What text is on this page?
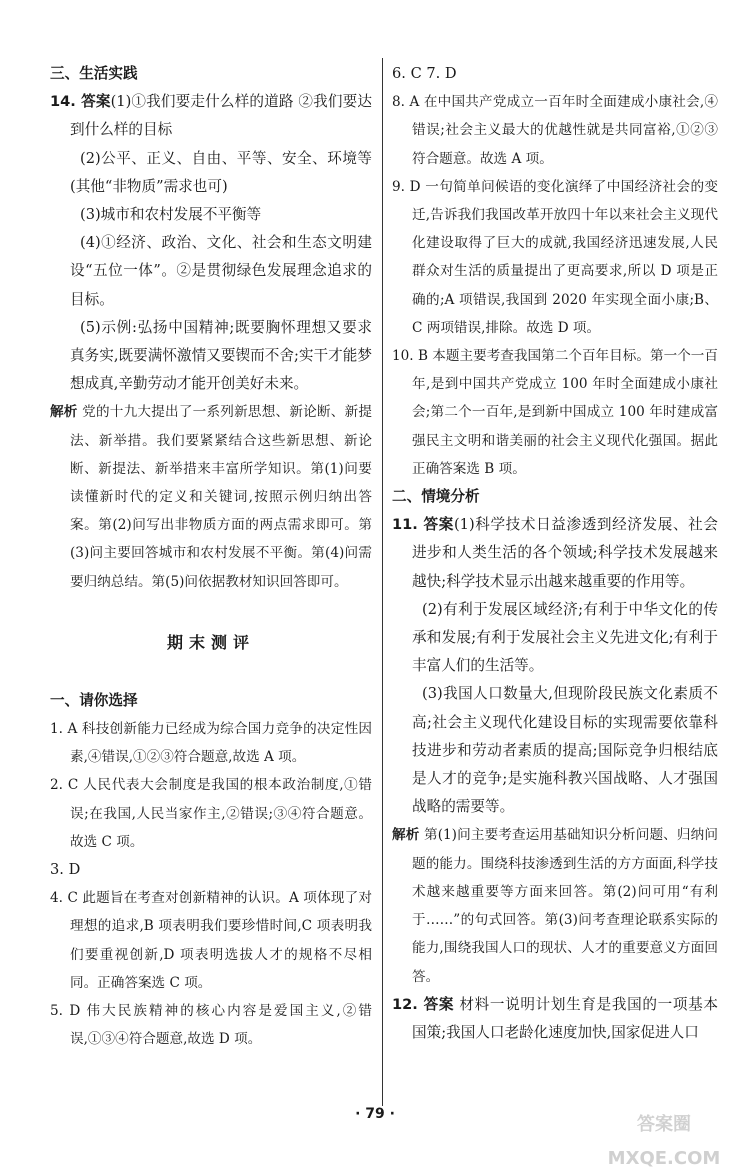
三、生活实践

14. 答案(1)①我们要走什么样的道路 ②我们要达到什么样的目标

(2)公平、正义、自由、平等、安全、环境等(其他“非物质”需求也可)

(3)城市和农村发展不平衡等

(4)①经济、政治、文化、社会和生态文明建设“五位一体”。②是贯彻绿色发展理念追求的目标。

(5)示例:弘扬中国精神;既要胸怀理想又要求真务实,既要满怀激情又要锲而不舍;实干才能梦想成真,辛勤劳动才能开创美好未来。

解析 党的十九大提出了一系列新思想、新论断、新提法、新举措。我们要紧紧结合这些新思想、新论断、新提法、新举措来丰富所学知识。第(1)问要读懂新时代的定义和关键词,按照示例归纳出答案。第(2)问写出非物质方面的两点需求即可。第(3)问主要回答城市和农村发展不平衡。第(4)问需要归纳总结。第(5)问依据教材知识回答即可。

期末测评

一、请你选择

1. A 科技创新能力已经成为综合国力竞争的决定性因素,④错误,①②③符合题意,故选 A 项。

2. C 人民代表大会制度是我国的根本政治制度,①错误;在我国,人民当家作主,②错误;③④符合题意。故选 C 项。

3. D

4. C 此题旨在考查对创新精神的认识。A 项体现了对理想的追求,B 项表明我们要珍惜时间,C 项表明我们要重视创新,D 项表明选拔人才的规格不尽相同。正确答案选 C 项。

5. D 伟大民族精神的核心内容是爱国主义,②错误,①③④符合题意,故选 D 项。

6. C 7. D

8. A 在中国共产党成立一百年时全面建成小康社会,④错误;社会主义最大的优越性就是共同富裕,①②③符合题意。故选 A 项。

9. D 一句简单问候语的变化演绎了中国经济社会的变迁,告诉我们我国改革开放四十年以来社会主义现代化建设取得了巨大的成就,我国经济迅速发展,人民群众对生活的质量提出了更高要求,所以 D 项是正确的;A 项错误,我国到 2020 年实现全面小康;B、C 两项错误,排除。故选 D 项。

10. B 本题主要考查我国第二个百年目标。第一个一百年,是到中国共产党成立 100 年时全面建成小康社会;第二个一百年,是到新中国成立 100 年时建成富强民主文明和谐美丽的社会主义现代化强国。据此正确答案选 B 项。

二、情境分析

11. 答案(1)科学技术日益渗透到经济发展、社会进步和人类生活的各个领域;科学技术发展越来越快;科学技术显示出越来越重要的作用等。

(2)有利于发展区域经济;有利于中华文化的传承和发展;有利于发展社会主义先进文化;有利于丰富人们的生活等。

(3)我国人口数量大,但现阶段民族文化素质不高;社会主义现代化建设目标的实现需要依靠科技进步和劳动者素质的提高;国际竞争归根结底是人才的竞争;是实施科教兴国战略、人才强国战略的需要等。

解析 第(1)问主要考查运用基础知识分析问题、归纳问题的能力。围绕科技渗透到生活的方方面面,科学技术越来越重要等方面来回答。第(2)问可用“有利于……”的句式回答。第(3)问考查理论联系实际的能力,围绕我国人口的现状、人才的重要意义方面回答。

12. 答案 材料一说明计划生育是我国的一项基本国策;我国人口老龄化速度加快,国家促进人口

· 79 ·	答案圈 MXQE.COM
